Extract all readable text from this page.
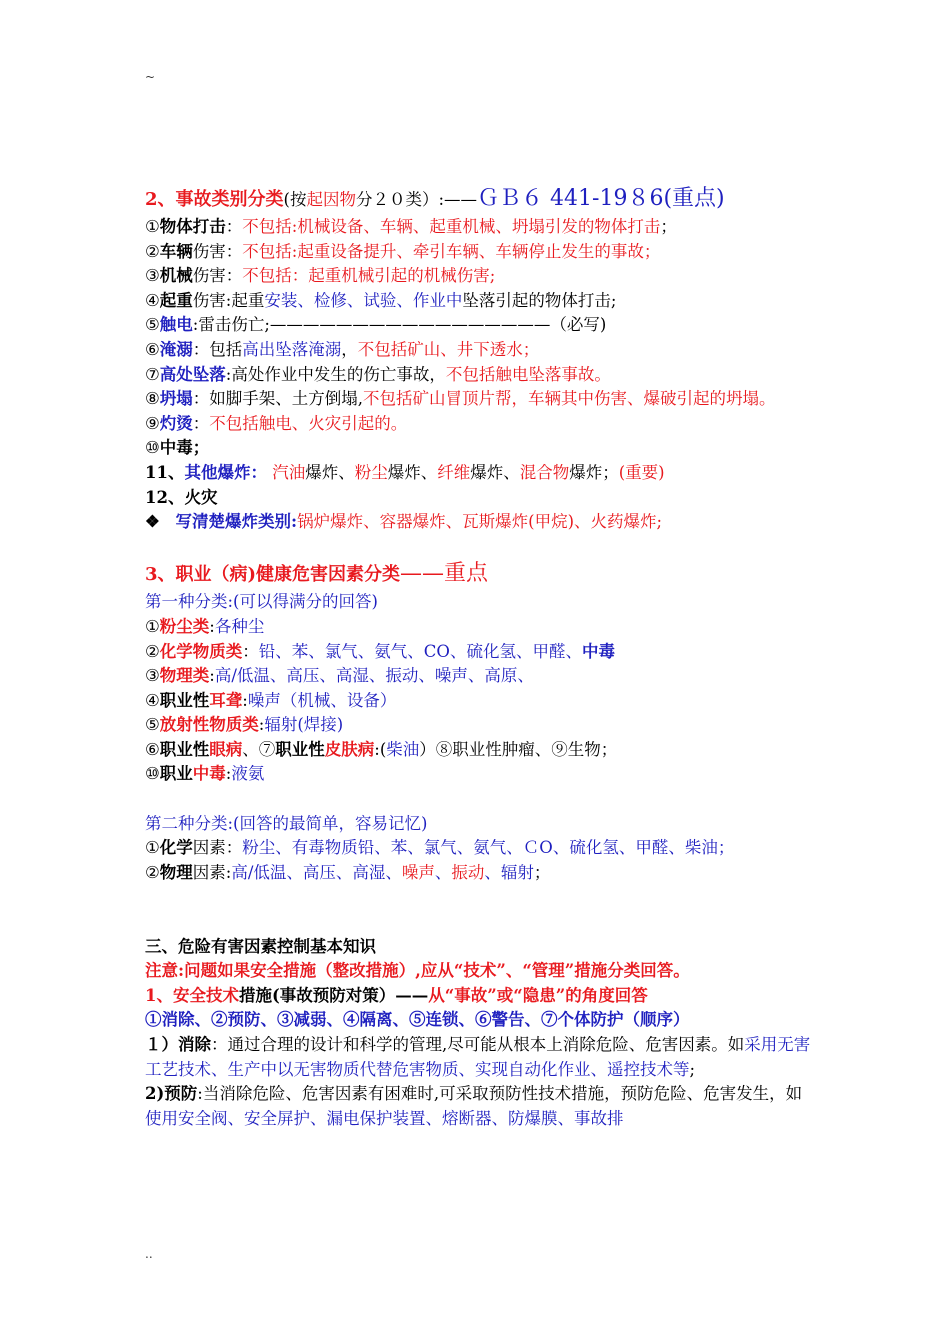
~
2、事故类别分类(按起因物分２０类）:——ＧＢ６ 441-19８6(重点)
①物体打击：不包括:机械设备、车辆、起重机械、坍塌引发的物体打击；
②车辆伤害：不包括:起重设备提升、牵引车辆、车辆停止发生的事故；
③机械伤害：不包括：起重机械引起的机械伤害;
④起重伤害:起重安装、检修、试验、作业中坠落引起的物体打击;
⑤触电:雷击伤亡;—————————————————（必写)
⑥淹溺：包括高出坠落淹溺，不包括矿山、井下透水；
⑦高处坠落:高处作业中发生的伤亡事故，不包括触电坠落事故。
⑧坍塌：如脚手架、土方倒塌,不包括矿山冒顶片帮，车辆其中伤害、爆破引起的坍塌。
⑨灼烫：不包括触电、火灾引起的。
⑩中毒；
11、其他爆炸： 汽油爆炸、粉尘爆炸、纤维爆炸、混合物爆炸；(重要)
12、火灾
❖ 写清楚爆炸类别:锅炉爆炸、容器爆炸、瓦斯爆炸(甲烷)、火药爆炸;
3、职业（病)健康危害因素分类——重点
第一种分类:(可以得满分的回答)
①粉尘类:各种尘
②化学物质类：铅、苯、氯气、氨气、CO、硫化氢、甲醛、中毒
③物理类:高/低温、高压、高湿、振动、噪声、高原、
④职业性耳聋:噪声（机械、设备）
⑤放射性物质类:辐射(焊接)
⑥职业性眼病、⑦职业性皮肤病:(柴油）⑧职业性肿瘤、⑨生物；
⑩职业中毒:液氨
第二种分类:(回答的最简单，容易记忆)
①化学因素：粉尘、有毒物质铅、苯、氯气、氨气、ＣO、硫化氢、甲醛、柴油；
②物理因素:高/低温、高压、高湿、噪声、振动、辐射；
三、危险有害因素控制基本知识
注意:问题如果安全措施（整改措施）,应从“技术”、“管理”措施分类回答。
1、安全技术措施(事故预防对策）——从“事故”或“隐患”的角度回答
①消除、②预防、③减弱、④隔离、⑤连锁、⑥警告、⑦个体防护（顺序）
１）消除：通过合理的设计和科学的管理,尽可能从根本上消除危险、危害因素。如采用无害工艺技术、生产中以无害物质代替危害物质、实现自动化作业、遥控技术等;
2)预防:当消除危险、危害因素有困难时,可采取预防性技术措施，预防危险、危害发生，如使用安全阀、安全屏护、漏电保护装置、熔断器、防爆膜、事故排
..
